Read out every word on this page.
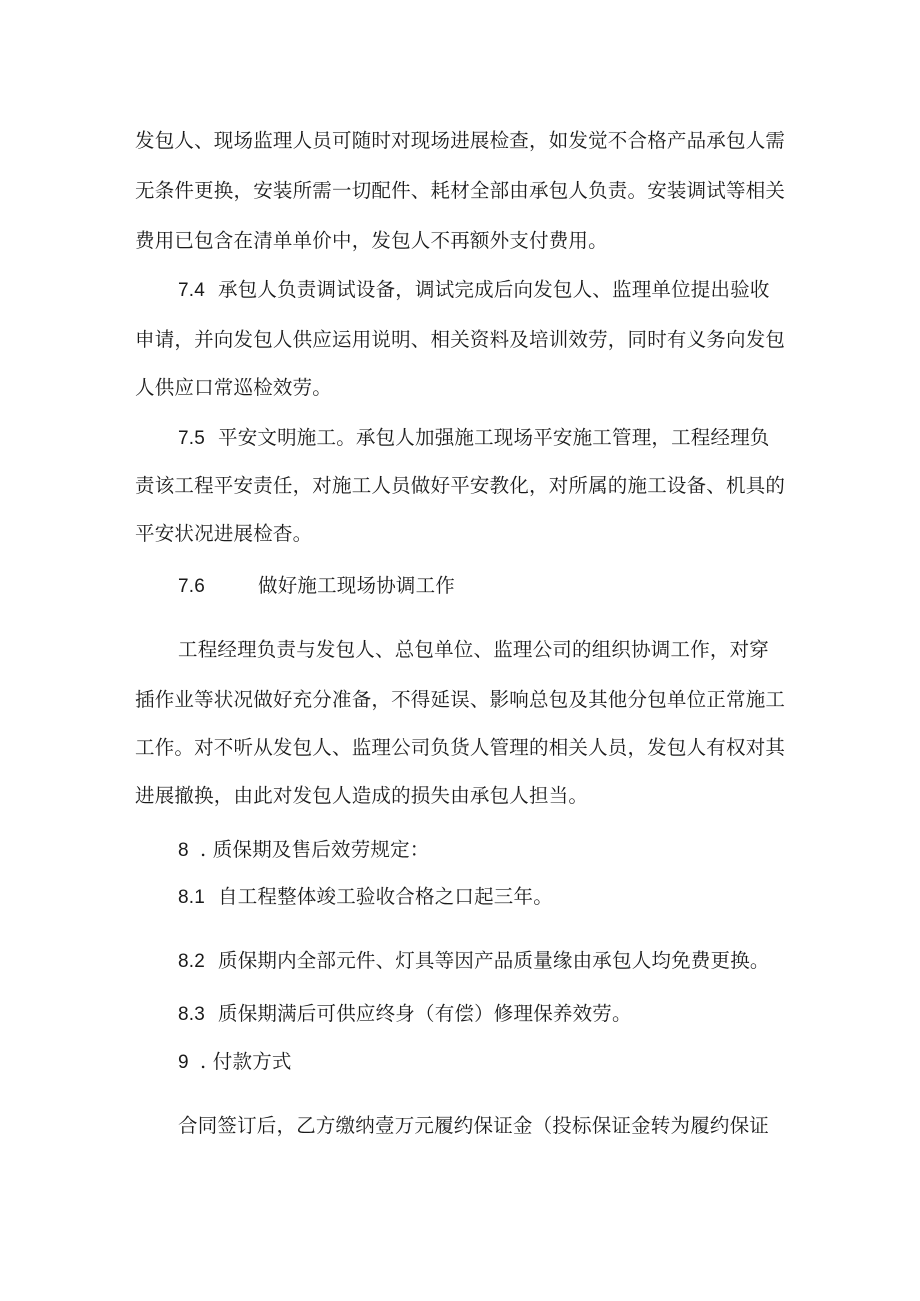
发包人、现场监理人员可随时对现场进展检查，如发觉不合格产品承包人需
无条件更换，安装所需一切配件、耗材全部由承包人负责。安装调试等相关
费用已包含在清单单价中，发包人不再额外支付费用。
7.4 承包人负责调试设备，调试完成后向发包人、监理单位提出验收
申请，并向发包人供应运用说明、相关资料及培训效劳，同时有义务向发包
人供应口常巡检效劳。
7.5 平安文明施工。承包人加强施工现场平安施工管理，工程经理负
责该工程平安责任，对施工人员做好平安教化，对所属的施工设备、机具的
平安状况进展检杳。
7.6	做好施工现场协调工作
工程经理负责与发包人、总包单位、监理公司的组织协调工作，对穿
插作业等状况做好充分准备，不得延误、影响总包及其他分包单位正常施工
工作。对不听从发包人、监理公司负货人管理的相关人员，发包人有权对其
进展撤换，由此对发包人造成的损失由承包人担当。
8 . 质保期及售后效劳规定：
8.1 自工程整体竣工验收合格之口起三年。
8.2 质保期内全部元件、灯具等因产品质量缘由承包人均免费更换。
8.3 质保期满后可供应终身（有偿）修理保养效劳。
9 . 付款方式
合同签订后，乙方缴纳壹万元履约保证金（投标保证金转为履约保证
